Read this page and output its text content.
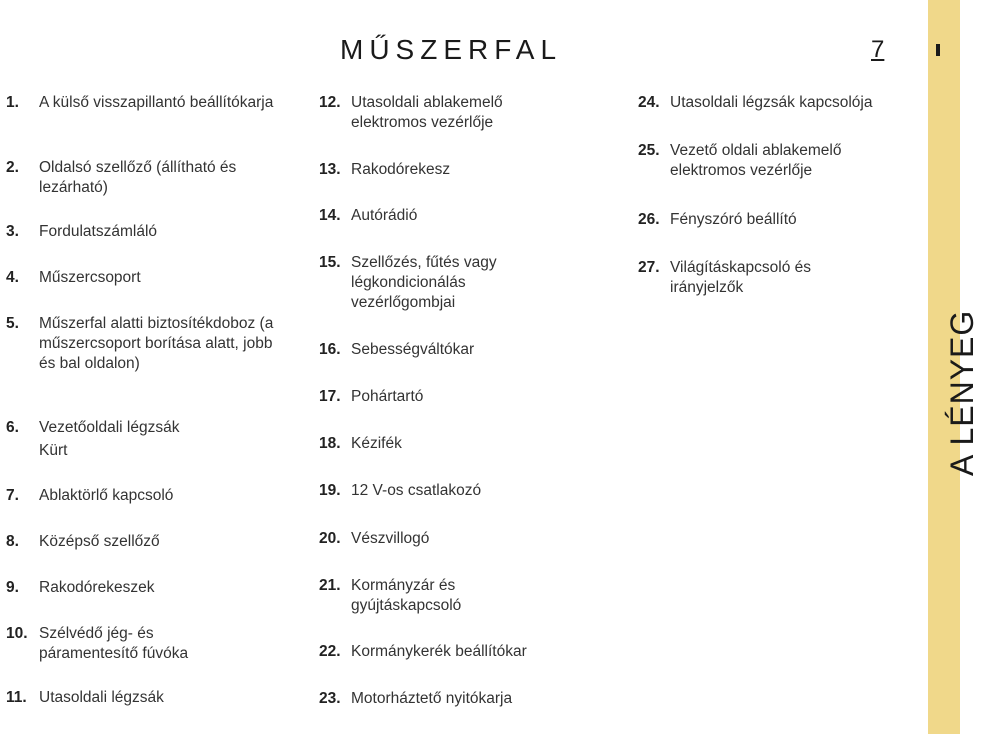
MŰSZERFAL	7
A LÉNYEG
1.	A külső visszapillantó beállítókarja
2.	Oldalsó szellőző (állítható és lezárható)
3.	Fordulatszámláló
4.	Műszercsoport
5.	Műszerfal alatti biztosítékdoboz (a műszercsoport borítása alatt, jobb és bal oldalon)
6.	Vezetőoldali légzsák
Kürt
7.	Ablaktörlő kapcsoló
8.	Középső szellőző
9.	Rakodórekeszek
10. Szélvédő jég- és páramentesítő fúvóka
11. Utasoldali légzsák
12. Utasoldali ablakemelő elektromos vezérlője
13. Rakodórekesz
14. Autórádió
15. Szellőzés, fűtés vagy légkondicionálás vezérlőgombjai
16. Sebességváltókar
17. Pohártartó
18. Kézifék
19. 12 V-os csatlakozó
20. Vészvillogó
21. Kormányzár és gyújtáskapcsoló
22. Kormánykerék beállítókar
23. Motorháztető nyitókarja
24. Utasoldali légzsák kapcsolója
25. Vezető oldali ablakemelő elektromos vezérlője
26. Fényszóró beállító
27. Világításkapcsoló és irányjelzők
